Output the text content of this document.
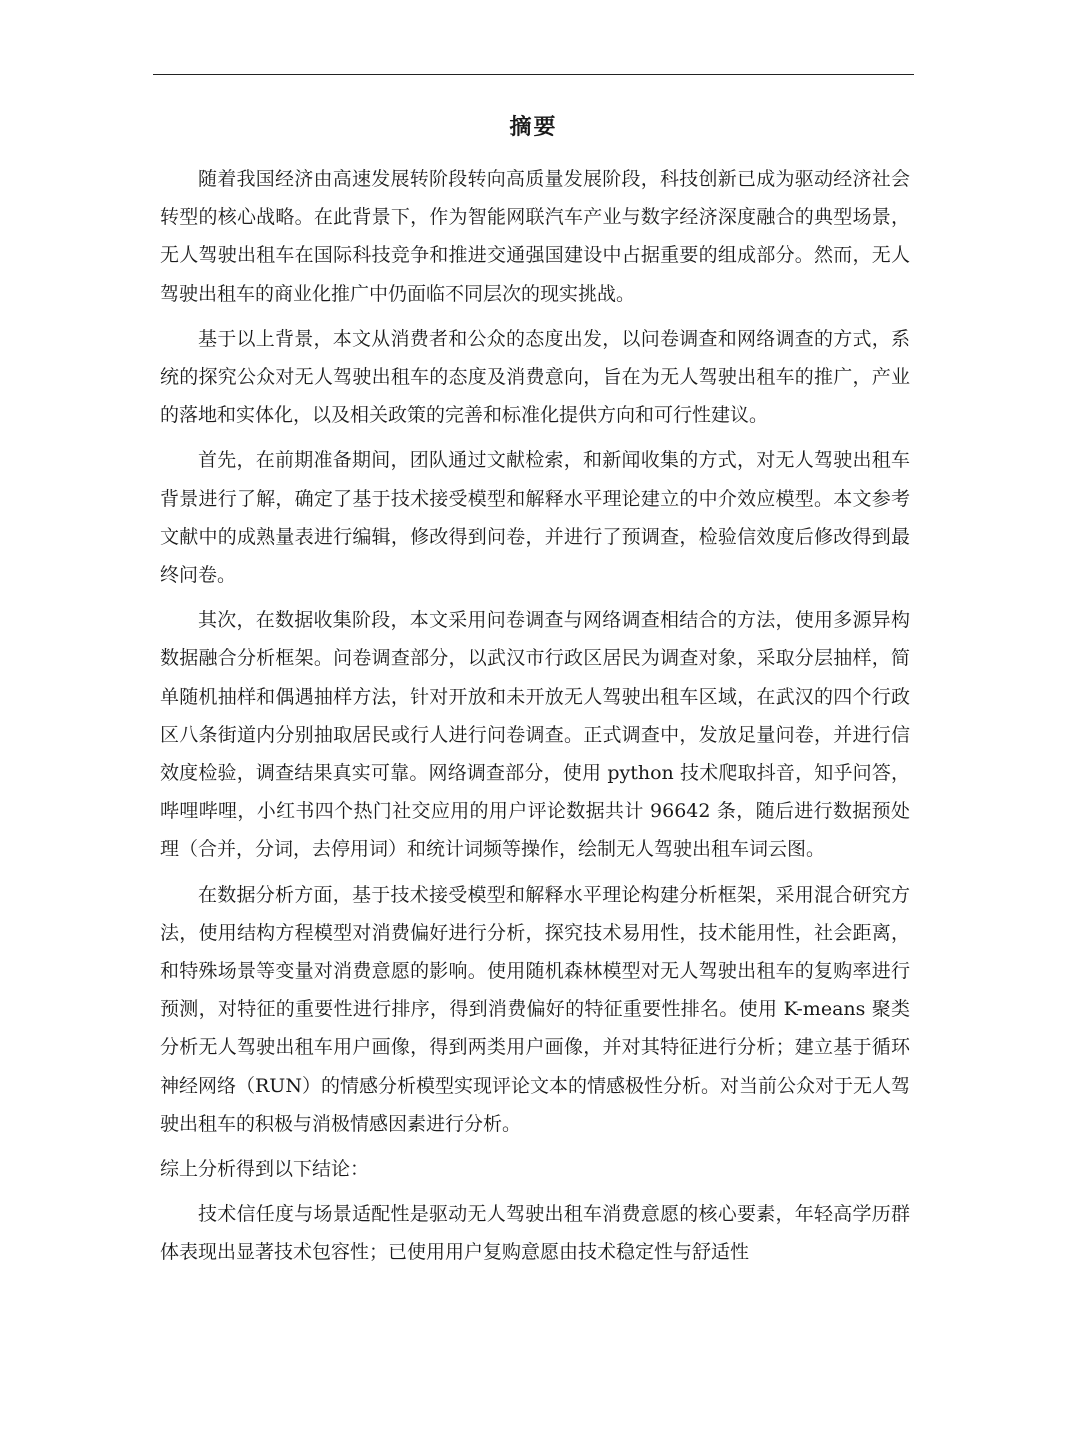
摘要

随着我国经济由高速发展转阶段转向高质量发展阶段，科技创新已成为驱动经济社会转型的核心战略。在此背景下，作为智能网联汽车产业与数字经济深度融合的典型场景，无人驾驶出租车在国际科技竞争和推进交通强国建设中占据重要的组成部分。然而，无人驾驶出租车的商业化推广中仍面临不同层次的现实挑战。

基于以上背景，本文从消费者和公众的态度出发，以问卷调查和网络调查的方式，系统的探究公众对无人驾驶出租车的态度及消费意向，旨在为无人驾驶出租车的推广，产业的落地和实体化，以及相关政策的完善和标准化提供方向和可行性建议。

首先，在前期准备期间，团队通过文献检索，和新闻收集的方式，对无人驾驶出租车背景进行了解，确定了基于技术接受模型和解释水平理论建立的中介效应模型。本文参考文献中的成熟量表进行编辑，修改得到问卷，并进行了预调查，检验信效度后修改得到最终问卷。

其次，在数据收集阶段，本文采用问卷调查与网络调查相结合的方法，使用多源异构数据融合分析框架。问卷调查部分，以武汉市行政区居民为调查对象，采取分层抽样，简单随机抽样和偶遇抽样方法，针对开放和未开放无人驾驶出租车区域，在武汉的四个行政区八条街道内分别抽取居民或行人进行问卷调查。正式调查中，发放足量问卷，并进行信效度检验，调查结果真实可靠。网络调查部分，使用 python 技术爬取抖音，知乎问答，哔哩哔哩，小红书四个热门社交应用的用户评论数据共计 96642 条，随后进行数据预处理（合并，分词，去停用词）和统计词频等操作，绘制无人驾驶出租车词云图。

在数据分析方面，基于技术接受模型和解释水平理论构建分析框架，采用混合研究方法，使用结构方程模型对消费偏好进行分析，探究技术易用性，技术能用性，社会距离，和特殊场景等变量对消费意愿的影响。使用随机森林模型对无人驾驶出租车的复购率进行预测，对特征的重要性进行排序，得到消费偏好的特征重要性排名。使用 K-means 聚类分析无人驾驶出租车用户画像，得到两类用户画像，并对其特征进行分析；建立基于循环神经网络（RUN）的情感分析模型实现评论文本的情感极性分析。对当前公众对于无人驾驶出租车的积极与消极情感因素进行分析。

综上分析得到以下结论：

技术信任度与场景适配性是驱动无人驾驶出租车消费意愿的核心要素，年轻高学历群体表现出显著技术包容性；已使用用户复购意愿由技术稳定性与舒适性
